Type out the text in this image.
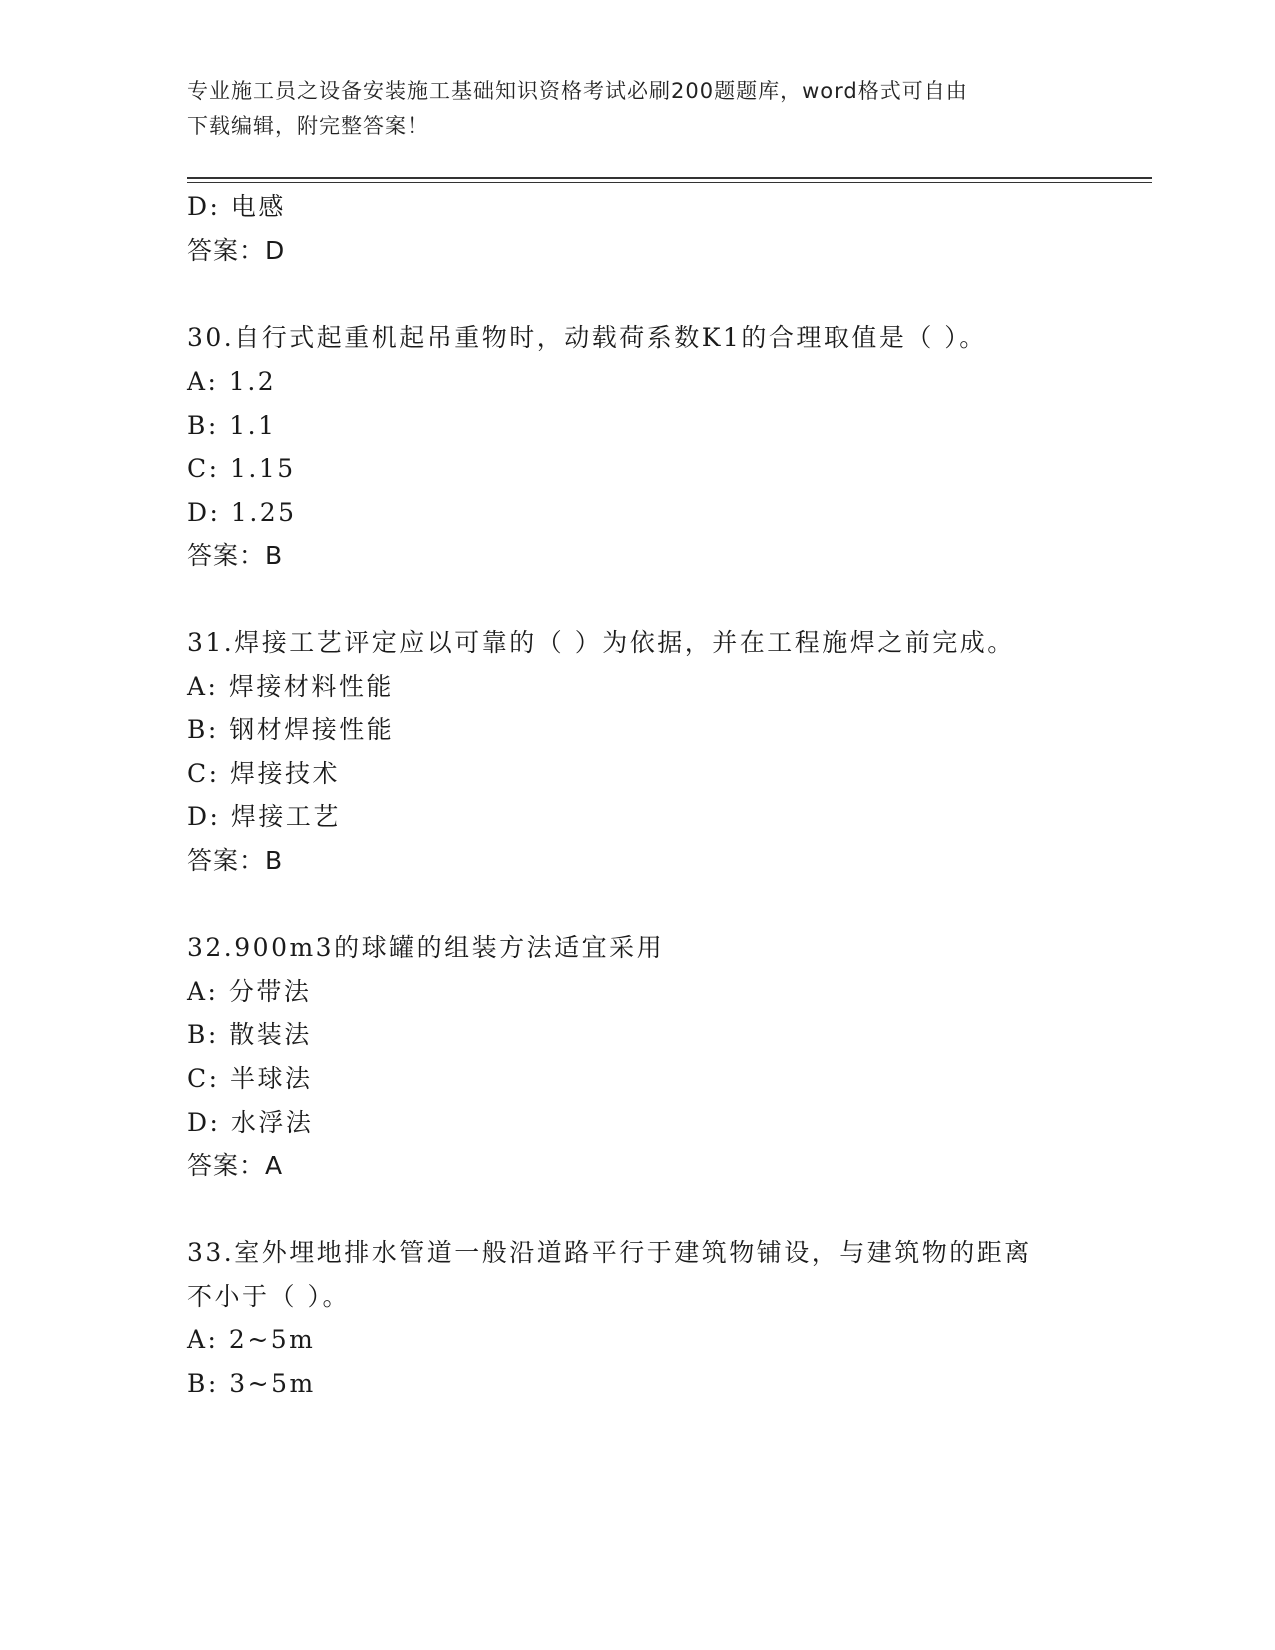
专业施工员之设备安装施工基础知识资格考试必刷200题题库，word格式可自由
下载编辑，附完整答案！
D: 电感
答案：D
30.自行式起重机起吊重物时，动载荷系数K1的合理取值是（ ）。
A: 1.2
B: 1.1
C: 1.15
D: 1.25
答案：B
31.焊接工艺评定应以可靠的（ ）为依据，并在工程施焊之前完成。
A: 焊接材料性能
B: 钢材焊接性能
C: 焊接技术
D: 焊接工艺
答案：B
32.900m3的球罐的组装方法适宜采用
A: 分带法
B: 散装法
C: 半球法
D: 水浮法
答案：A
33.室外埋地排水管道一般沿道路平行于建筑物铺设，与建筑物的距离
不小于（ ）。
A: 2~5m
B: 3~5m
